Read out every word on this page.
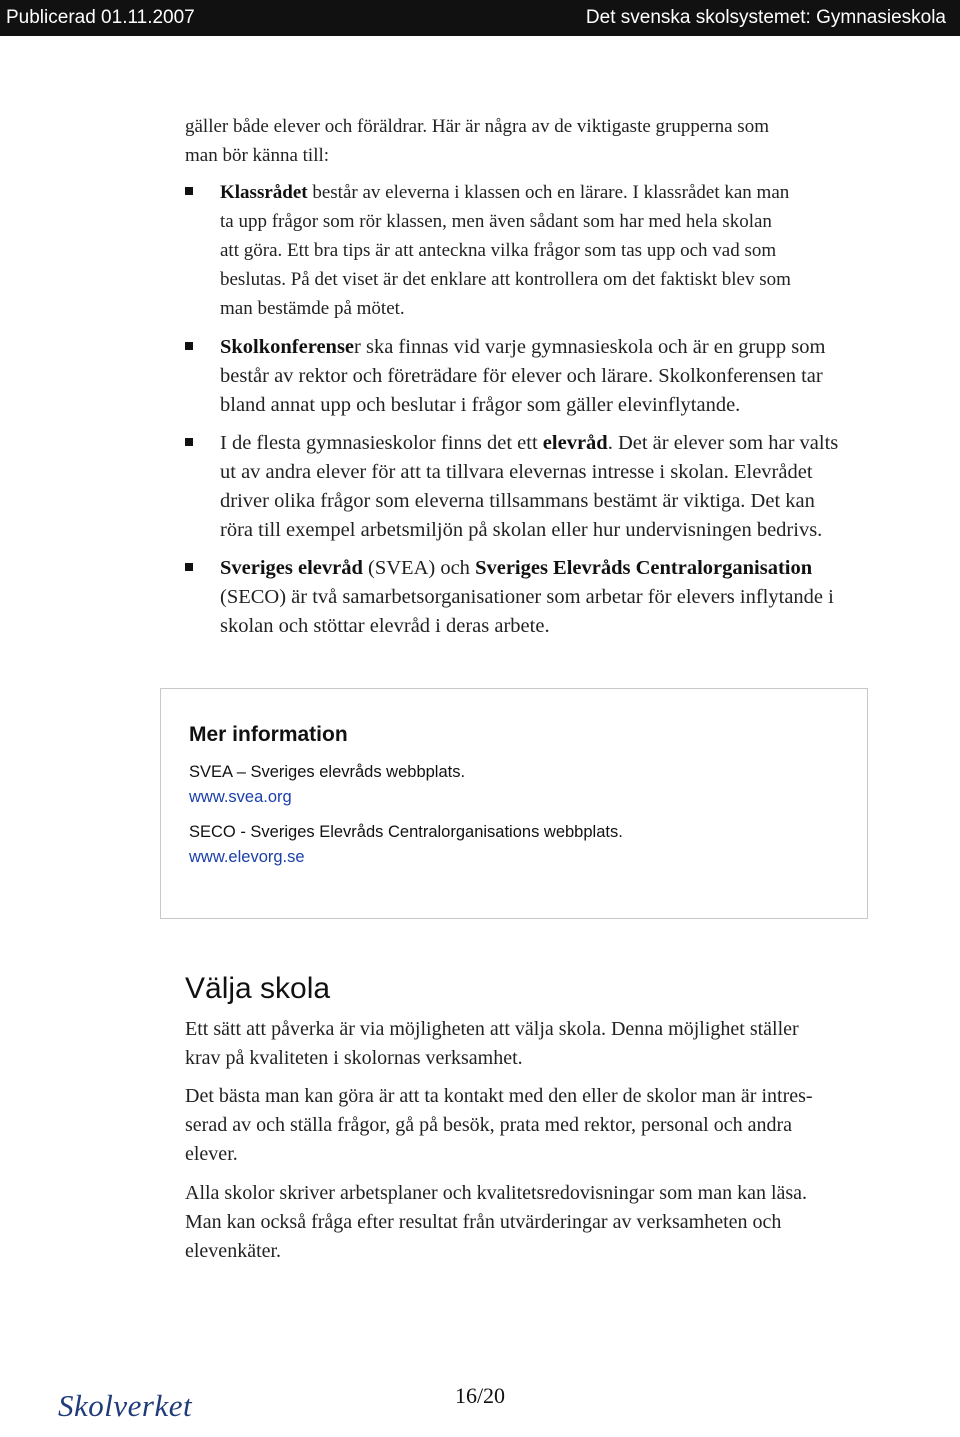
Publicerad 01.11.2007	Det svenska skolsystemet: Gymnasieskola
gäller både elever och föräldrar. Här är några av de viktigaste grupperna som
man bör känna till:
Klassrådet består av eleverna i klassen och en lärare. I klassrådet kan man
ta upp frågor som rör klassen, men även sådant som har med hela skolan
att göra. Ett bra tips är att anteckna vilka frågor som tas upp och vad som
beslutas. På det viset är det enklare att kontrollera om det faktiskt blev som
man bestämde på mötet.
Skolkonferenser ska finnas vid varje gymnasieskola och är en grupp som
består av rektor och företrädare för elever och lärare. Skolkonferensen tar
bland annat upp och beslutar i frågor som gäller elevinflytande.
I de flesta gymnasieskolor finns det ett elevråd. Det är elever som har valts
ut av andra elever för att ta tillvara elevernas intresse i skolan. Elevrådet
driver olika frågor som eleverna tillsammans bestämt är viktiga. Det kan
röra till exempel arbetsmiljön på skolan eller hur undervisningen bedrivs.
Sveriges elevråd (SVEA) och Sveriges Elevråds Centralorganisation
(SECO) är två samarbetsorganisationer som arbetar för elevers inflytande i
skolan och stöttar elevråd i deras arbete.
Mer information
SVEA – Sveriges elevråds webbplats.
www.svea.org
SECO - Sveriges Elevråds Centralorganisations webbplats.
www.elevorg.se
Välja skola
Ett sätt att påverka är via möjligheten att välja skola. Denna möjlighet ställer
krav på kvaliteten i skolornas verksamhet.
Det bästa man kan göra är att ta kontakt med den eller de skolor man är intres-
serad av och ställa frågor, gå på besök, prata med rektor, personal och andra
elever.
Alla skolor skriver arbetsplaner och kvalitetsredovisningar som man kan läsa.
Man kan också fråga efter resultat från utvärderingar av verksamheten och
elevenkäter.
Skolverket	16/20
